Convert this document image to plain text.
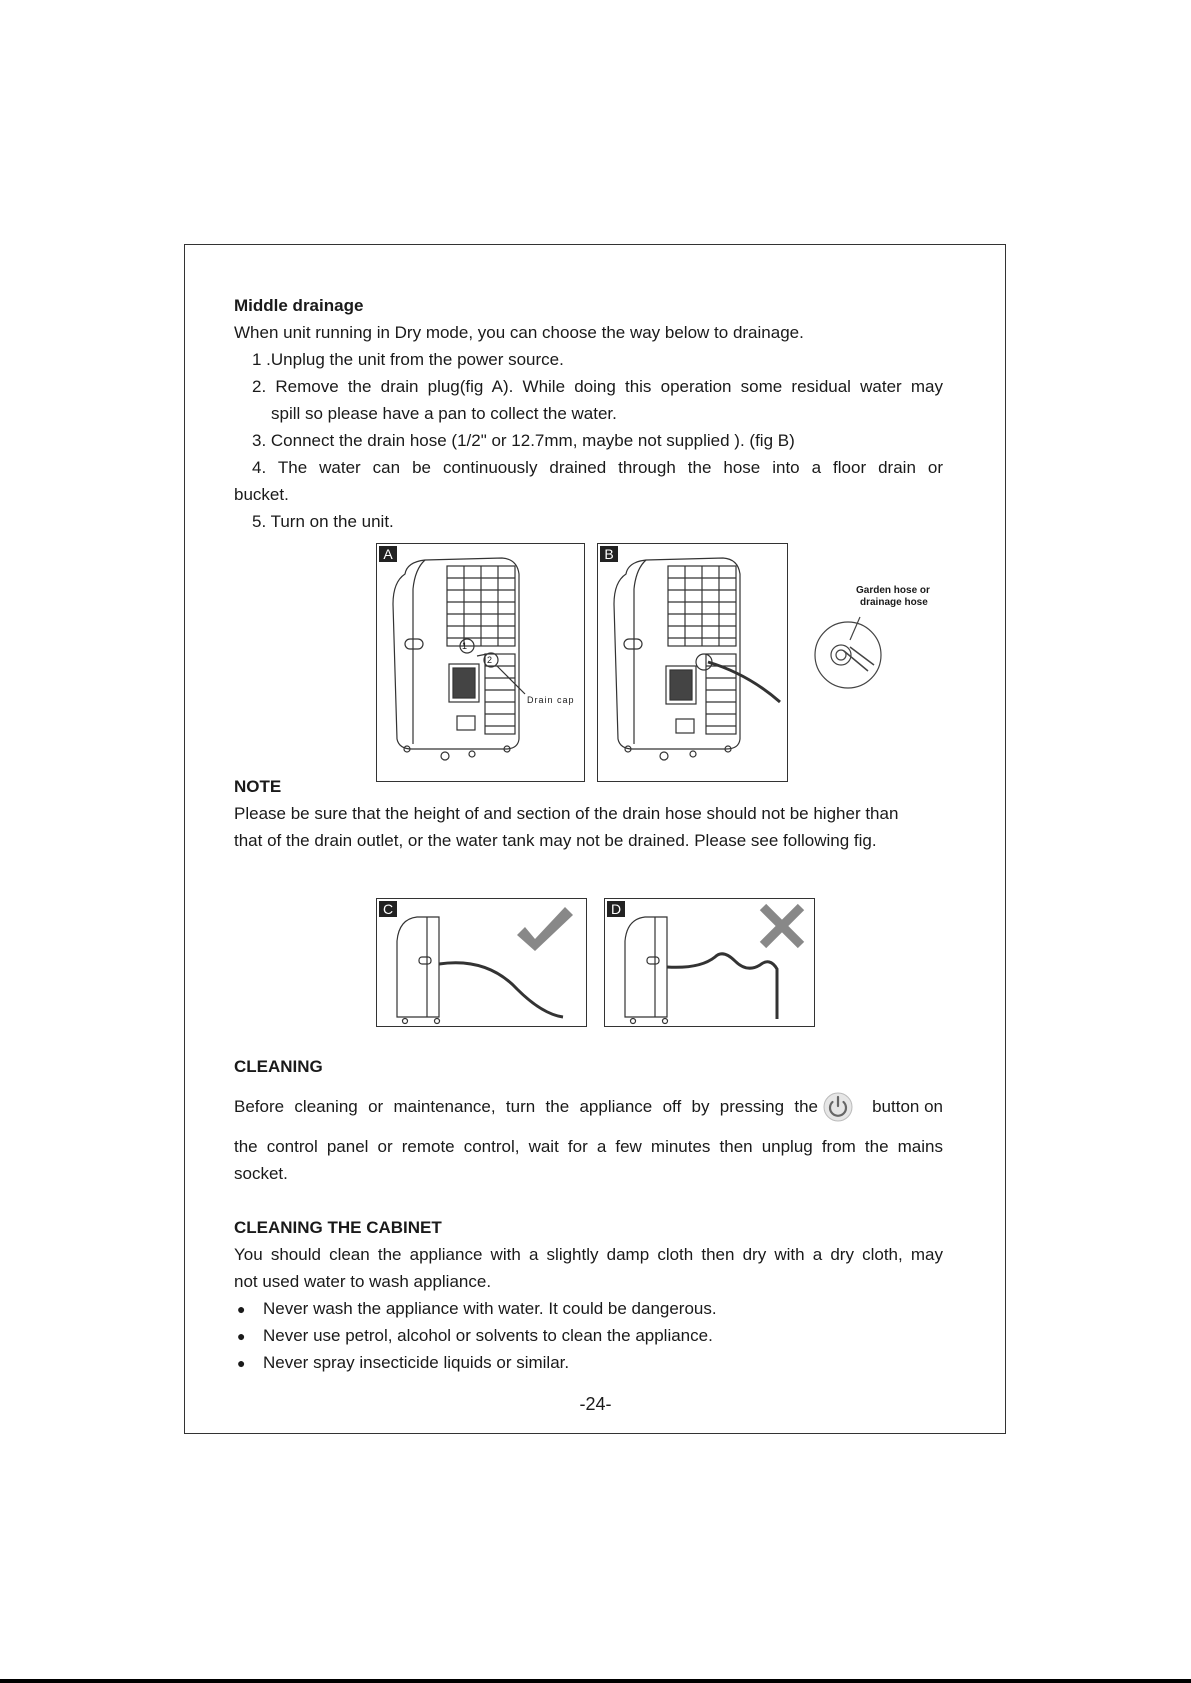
Middle drainage
When unit running in Dry mode, you can choose the way below to drainage.
1 .Unplug the unit from the power source.
2. Remove the drain plug(fig A). While doing this operation some residual water may
spill so please have a pan to collect the water.
3. Connect the drain hose (1/2" or 12.7mm, maybe not supplied ). (fig B)
4. The water can be continuously drained through the hose into a floor drain or
bucket.
5. Turn on the unit.
A
1
2
Drain cap
B
Garden hose or
drainage hose
NOTE
Please be sure that the height of and section of the drain hose should not be higher than
that of the drain outlet, or the water tank may not be drained. Please see following fig.
C	D
CLEANING
Before cleaning or maintenance, turn the appliance off by pressing the	button on
the control panel or remote control, wait for a few minutes then unplug from the mains
socket.
CLEANING THE CABINET
You should clean the appliance with a slightly damp cloth then dry with a dry cloth, may
not used water to wash appliance.
● Never wash the appliance with water. It could be dangerous.
● Never use petrol, alcohol or solvents to clean the appliance.
● Never spray insecticide liquids or similar.
-24-
